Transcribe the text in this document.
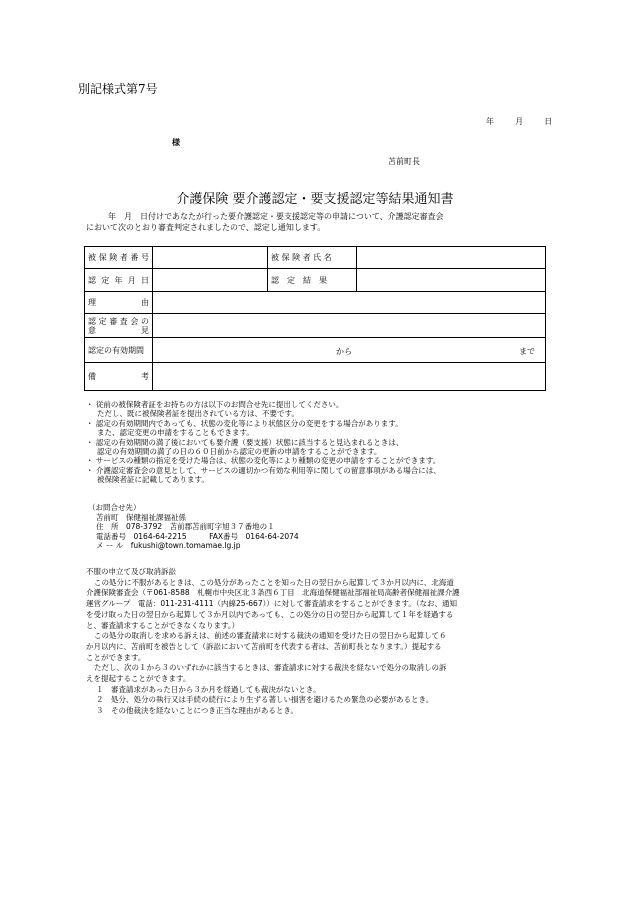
別記様式第7号
年	月	日
様
苫前町長
介護保険 要介護認定・要支援認定等結果通知書
年　月　日付けであなたが行った要介護認定・要支援認定等の申請について、介護認定審査会
において次のとおり審査判定されましたので、認定し通知します。
被保険者番号		被 保 険 者 氏 名	

認定年月日		認　定　結　果	

理　　由			

認定審査会の
意　　見			

認定の有効期間	から まで		

備　　考			

・ 従前の被保険者証をお持ちの方は以下のお問合せ先に提出してください。
ただし、既に被保険者証を提出されている方は、不要です。
・ 認定の有効期間内であっても、状態の変化等により状態区分の変更をする場合があります。
また、認定変更の申請をすることもできます。
・ 認定の有効期間の満了後においても要介護（要支援）状態に該当すると見込まれるときは、
認定の有効期間の満了の日の６０日前から認定の更新の申請をすることができます。
・ サービスの種類の指定を受けた場合は、状態の変化等により種類の変更の申請をすることができます。
・ 介護認定審査会の意見として、サービスの適切かつ有効な利用等に関しての留意事項がある場合には、
被保険者証に記載してあります。
（お問合せ先）
苫前町　保健福祉課福祉係
住　所　078-3792　苫前郡苫前町字旭３７番地の１
電話番号　0164-64-2215　　　FAX番号　0164-64-2074
メ ー ル　fukushi@town.tomamae.lg.jp
不服の申立て及び取消訴訟
この処分に不服があるときは、この処分があったことを知った日の翌日から起算して３か月以内に、北海道
介護保険審査会（〒061-8588　札幌市中央区北３条西６丁目　北海道保健福祉部福祉局高齢者保健福祉課介護
運営グループ　電話：011-231-4111（内線25-667））に対して審査請求をすることができます。（なお、通知
を受け取った日の翌日から起算して３か月以内であっても、この処分の日の翌日から起算して１年を経過する
と、審査請求することができなくなります。）
この処分の取消しを求める訴えは、前述の審査請求に対する裁決の通知を受けた日の翌日から起算して６
か月以内に、苫前町を被告として（訴訟において苫前町を代表する者は、苫前町長となります。）提起する
ことができます。
ただし、次の１から３のいずれかに該当するときは、審査請求に対する裁決を経ないで処分の取消しの訴
えを提起することができます。
１　審査請求があった日から３か月を経過しても裁決がないとき。
２　処分、処分の執行又は手続の続行により生ずる著しい損害を避けるため緊急の必要があるとき。
３　その他裁決を経ないことにつき正当な理由があるとき。
